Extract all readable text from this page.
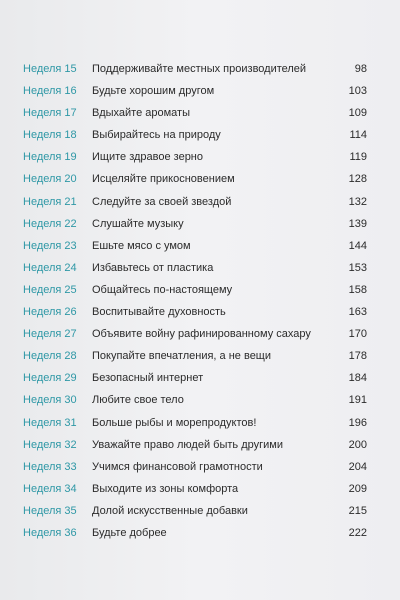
Неделя 15 Поддерживайте местных производителей	98
Неделя 16 Будьте хорошим другом	103
Неделя 17 Вдыхайте ароматы	109
Неделя 18 Выбирайтесь на природу	114
Неделя 19 Ищите здравое зерно	119
Неделя 20 Исцеляйте прикосновением	128
Неделя 21 Следуйте за своей звездой	132
Неделя 22 Слушайте музыку	139
Неделя 23 Ешьте мясо с умом	144
Неделя 24 Избавьтесь от пластика	153
Неделя 25 Общайтесь по-настоящему	158
Неделя 26 Воспитывайте духовность	163
Неделя 27 Объявите войну рафинированному сахару	170
Неделя 28 Покупайте впечатления, а не вещи	178
Неделя 29 Безопасный интернет	184
Неделя 30 Любите свое тело	191
Неделя 31 Больше рыбы и морепродуктов!	196
Неделя 32 Уважайте право людей быть другими	200
Неделя 33 Учимся финансовой грамотности	204
Неделя 34 Выходите из зоны комфорта	209
Неделя 35 Долой искусственные добавки	215
Неделя 36 Будьте добрее	222
